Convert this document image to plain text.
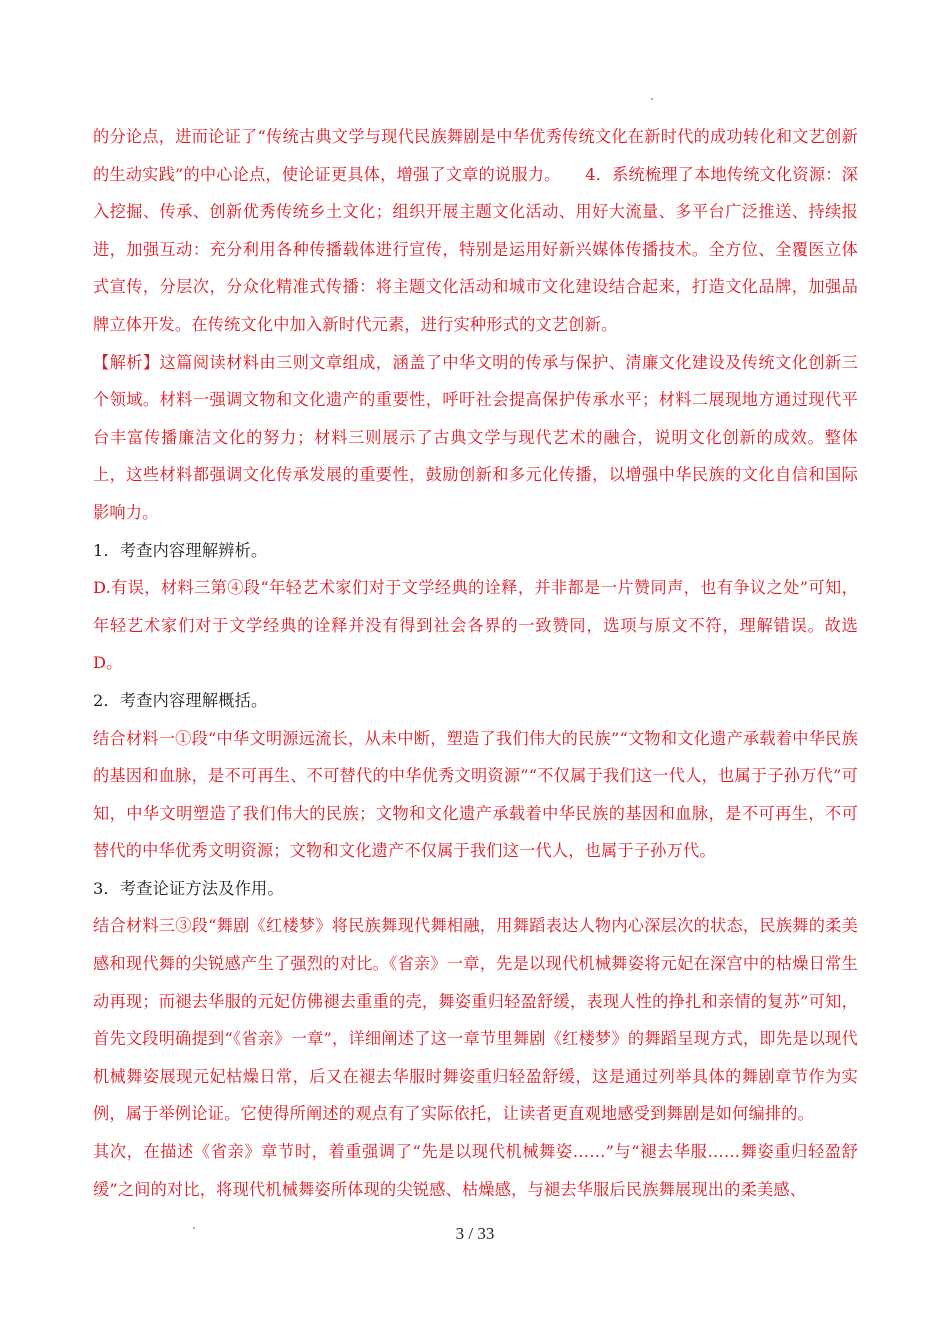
的分论点，进而论证了“传统古典文学与现代民族舞剧是中华优秀传统文化在新时代的成功转化和文艺创新的生动实践”的中心论点，使论证更具体，增强了文章的说服力。　　4．系统梳理了本地传统文化资源：深入挖掘、传承、创新优秀传统乡土文化；组织开展主题文化活动、用好大流量、多平台广泛推送、持续报进，加强互动：充分利用各种传播载体进行宣传，特别是运用好新兴媒体传播技术。全方位、全覆医立体式宣传，分层次，分众化精准式传播：将主题文化活动和城市文化建设结合起来，打造文化品牌，加强品牌立体开发。在传统文化中加入新时代元素，进行实种形式的文艺创新。

【解析】这篇阅读材料由三则文章组成，涵盖了中华文明的传承与保护、清廉文化建设及传统文化创新三个领域。材料一强调文物和文化遗产的重要性，呼吁社会提高保护传承水平；材料二展现地方通过现代平台丰富传播廉洁文化的努力；材料三则展示了古典文学与现代艺术的融合，说明文化创新的成效。整体上，这些材料都强调文化传承发展的重要性，鼓励创新和多元化传播，以增强中华民族的文化自信和国际影响力。

1．考查内容理解辨析。

D.有误，材料三第④段“年轻艺术家们对于文学经典的诠释，并非都是一片赞同声，也有争议之处”可知，年轻艺术家们对于文学经典的诠释并没有得到社会各界的一致赞同，选项与原文不符，理解错误。故选D。

2．考查内容理解概括。

结合材料一①段“中华文明源远流长，从未中断，塑造了我们伟大的民族”“文物和文化遗产承载着中华民族的基因和血脉，是不可再生、不可替代的中华优秀文明资源”“不仅属于我们这一代人，也属于子孙万代”可知，中华文明塑造了我们伟大的民族；文物和文化遗产承载着中华民族的基因和血脉，是不可再生，不可替代的中华优秀文明资源；文物和文化遗产不仅属于我们这一代人，也属于子孙万代。

3．考查论证方法及作用。

结合材料三③段“舞剧《红楼梦》将民族舞现代舞相融，用舞蹈表达人物内心深层次的状态，民族舞的柔美感和现代舞的尖锐感产生了强烈的对比。《省亲》一章，先是以现代机械舞姿将元妃在深宫中的枯燥日常生动再现；而褪去华服的元妃仿佛褪去重重的壳，舞姿重归轻盈舒缓，表现人性的挣扎和亲情的复苏”可知，首先文段明确提到“《省亲》一章”，详细阐述了这一章节里舞剧《红楼梦》的舞蹈呈现方式，即先是以现代机械舞姿展现元妃枯燥日常，后又在褪去华服时舞姿重归轻盈舒缓，这是通过列举具体的舞剧章节作为实例，属于举例论证。它使得所阐述的观点有了实际依托，让读者更直观地感受到舞剧是如何编排的。

其次，在描述《省亲》章节时，着重强调了“先是以现代机械舞姿……”与“褪去华服……舞姿重归轻盈舒缓”之间的对比，将现代机械舞姿所体现的尖锐感、枯燥感，与褪去华服后民族舞展现出的柔美感、

3 / 33
